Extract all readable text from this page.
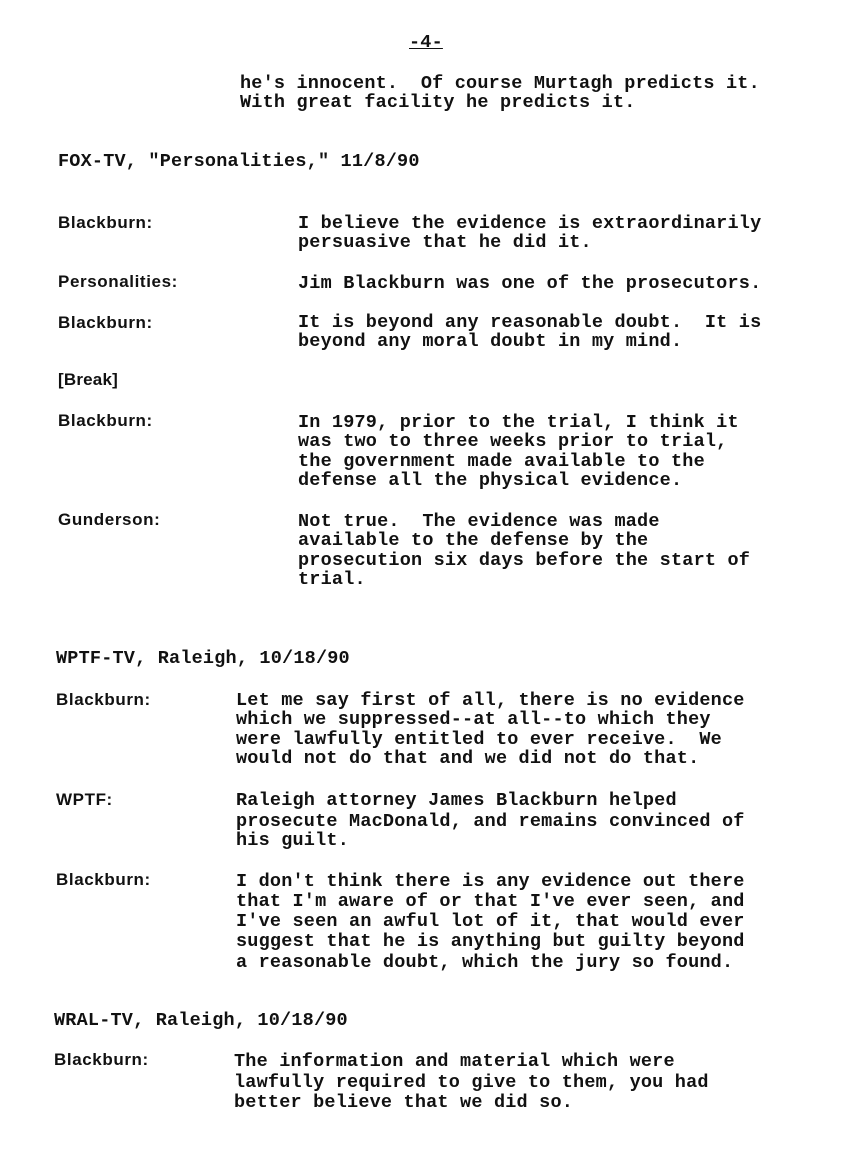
-4-
he's innocent.  Of course Murtagh predicts it.
With great facility he predicts it.
FOX-TV, "Personalities," 11/8/90
Blackburn:	I believe the evidence is extraordinarily
persuasive that he did it.
Personalities:	Jim Blackburn was one of the prosecutors.
Blackburn:	It is beyond any reasonable doubt.  It is
beyond any moral doubt in my mind.
[Break]
Blackburn:	In 1979, prior to the trial, I think it
was two to three weeks prior to trial,
the government made available to the
defense all the physical evidence.
Gunderson:	Not true.  The evidence was made
available to the defense by the
prosecution six days before the start of
trial.
WPTF-TV, Raleigh, 10/18/90
Blackburn:	Let me say first of all, there is no evidence
which we suppressed--at all--to which they
were lawfully entitled to ever receive.  We
would not do that and we did not do that.
WPTF:	Raleigh attorney James Blackburn helped
prosecute MacDonald, and remains convinced of
his guilt.
Blackburn:	I don't think there is any evidence out there
that I'm aware of or that I've ever seen, and
I've seen an awful lot of it, that would ever
suggest that he is anything but guilty beyond
a reasonable doubt, which the jury so found.
WRAL-TV, Raleigh, 10/18/90
Blackburn:	The information and material which were
lawfully required to give to them, you had
better believe that we did so.
